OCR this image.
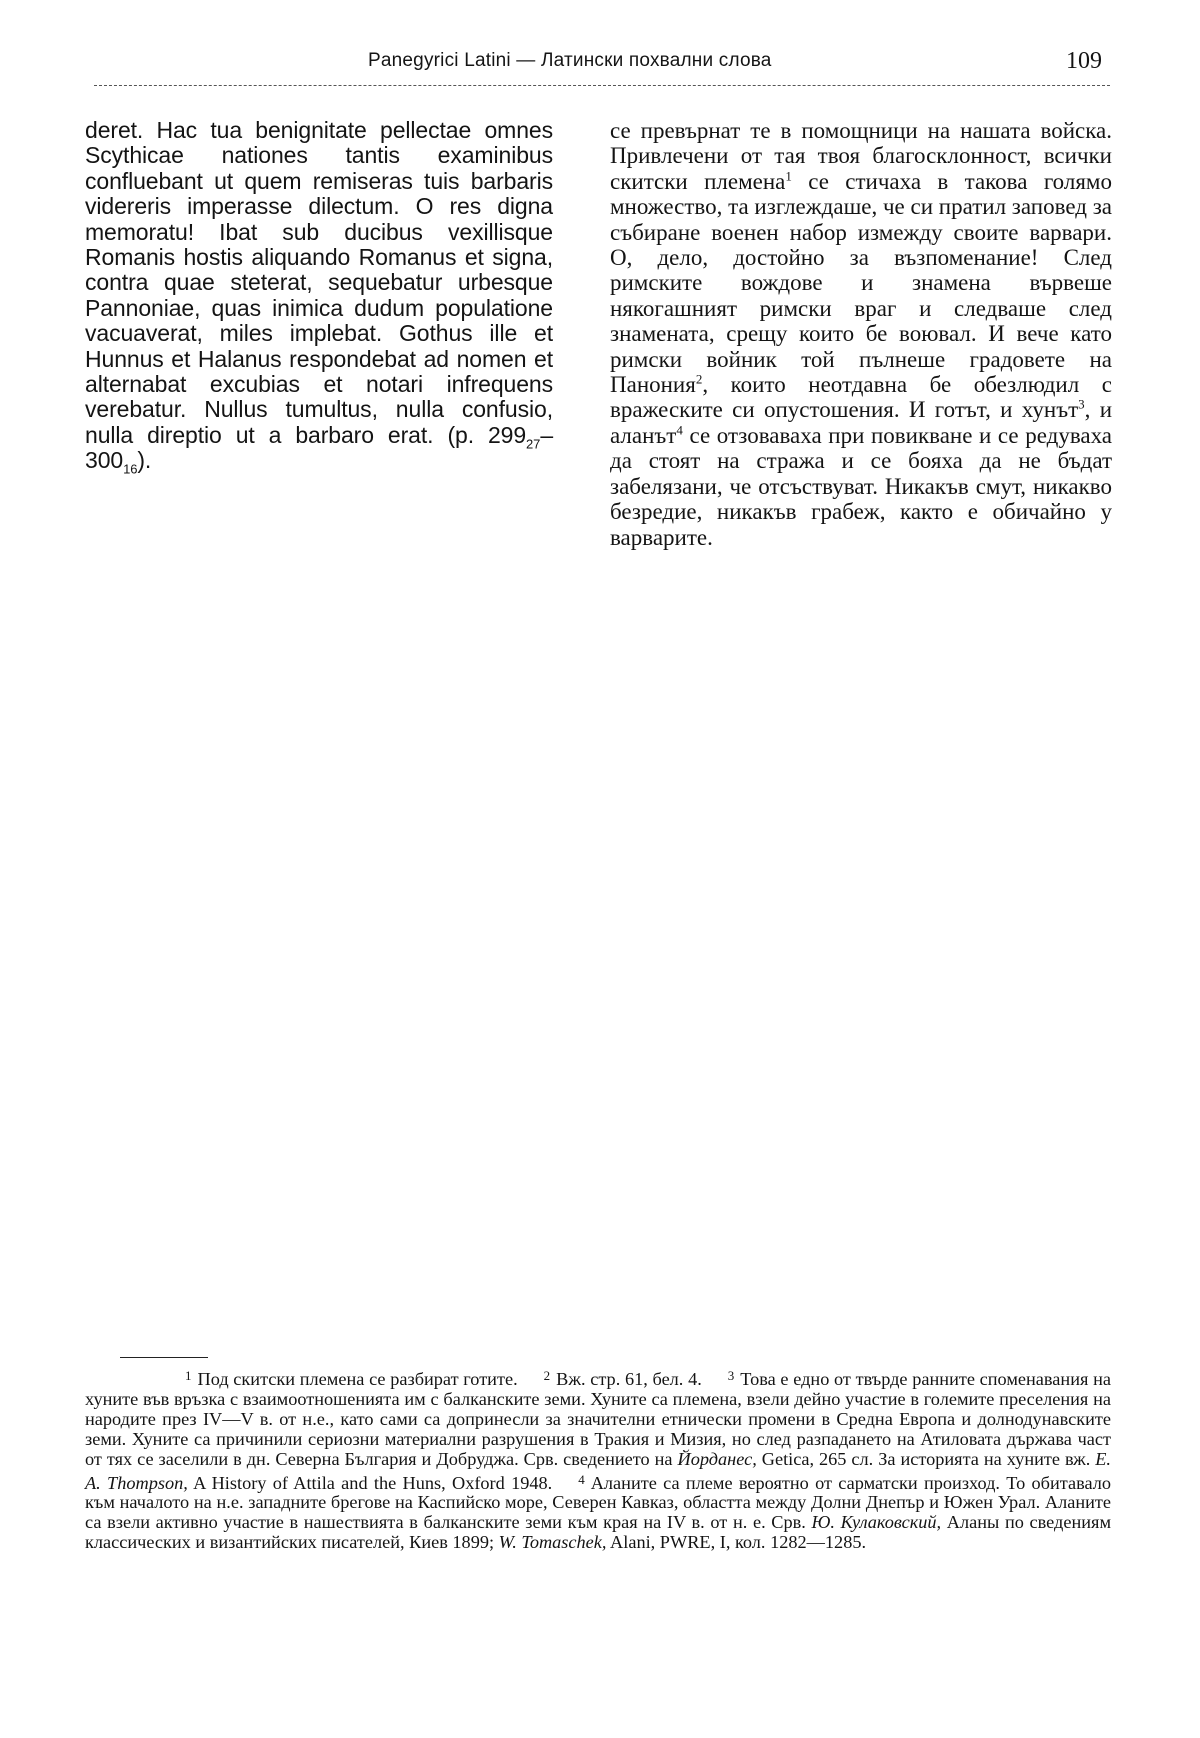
Panegyrici Latini — Латински похвални слова	109

deret. Hac tua benignitate pellectae omnes Scythicae nationes tantis examinibus confluebant ut quem remiseras tuis barbaris videreris imperasse dilectum. O res digna memoratu! Ibat sub ducibus vexillisque Romanis hostis aliquando Romanus et signa, contra quae steterat, sequebatur urbesque Pannoniae, quas inimica dudum populatione vacuaverat, miles implebat. Gothus ille et Hunnus et Halanus respondebat ad nomen et alternabat excubias et notari infrequens verebatur. Nullus tumultus, nulla confusio, nulla direptio ut a barbaro erat. (p. $299_{27}-300_{16}$).

се превърнат те в помощници на нашата войска. Привлечени от тая твоя благосклонност, всички скитски племена$^1$ се стичаха в такова голямо множество, та изглеждаше, че си пратил заповед за събиране военен набор измежду своите варвари. О, дело, достойно за възпоменание! След римските вождове и знамена вървеше някогашният римски враг и следваше след знамената, срещу които бе воювал. И вече като римски войник той пълнеше градовете на Панония$^2$, които неотдавна бе обезлюдил с вражеските си опустошения. И готът, и хунът$^3$, и аланът$^4$ се отзоваваха при повикване и се редуваха да стоят на стража и се бояха да не бъдат забелязани, че отсъствуват. Никакъв смут, никакво безредие, никакъв грабеж, както е обичайно у варварите.

$^1$ Под скитски племена се разбират готите. $^2$ Вж. стр. 61, бел. 4. $^3$ Това е едно от твърде ранните споменавания на хуните във връзка с взаимоотношенията им с балканските земи. Хуните са племена, взели дейно участие в големите преселения на народите през IV—V в. от н.е., като сами са допринесли за значителни етнически промени в Средна Европа и долнодунавските земи. Хуните са причинили сериозни материални разрушения в Тракия и Мизия, но след разпадането на Атиловата държава част от тях се заселили в дн. Северна България и Добруджа. Срв. сведението на Йорданес, Getica, 265 сл. За историята на хуните вж. E. A. Thompson, A History of Attila and the Huns, Oxford 1948. $^4$ Аланите са племе вероятно от сарматски произход. То обитавало към началото на н.е. западните брегове на Каспийско море, Северен Кавказ, областта между Долни Днепър и Южен Урал. Аланите са взели активно участие в нашествията в балканските земи към края на IV в. от н. е. Срв. Ю. Кулаковский, Аланы по сведениям классических и византийских писателей, Киев 1899; W. Tomaschek, Alani, PWRE, I, кол. 1282—1285.
